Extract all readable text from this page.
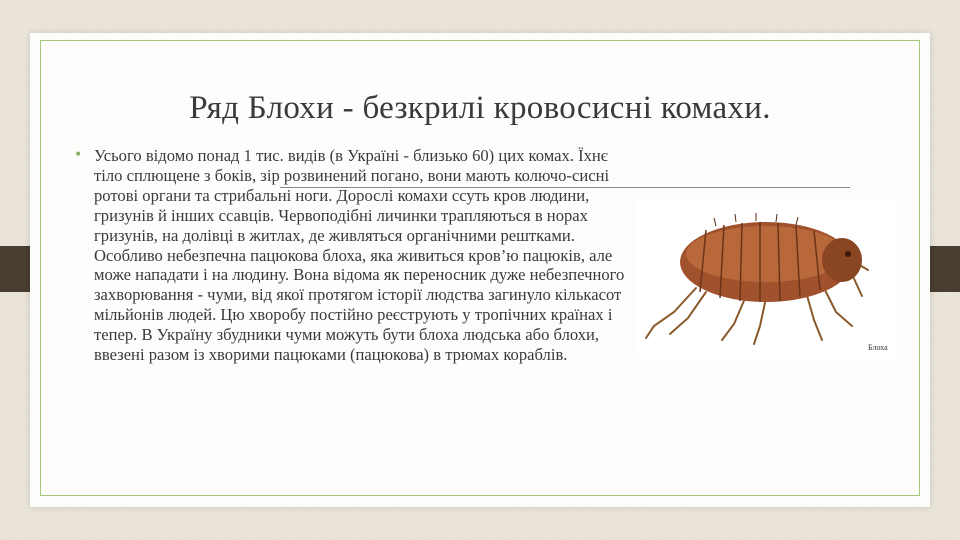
Ряд Блохи - безкрилі кровосисні комахи.
• Усього відомо понад 1 тис. видів (в Україні - близько 60) цих комах. Їхнє тіло сплющене з боків, зір розвинений погано, вони мають колючо-сисні ротові органи та стрибальні ноги. Дорослі комахи ссуть кров людини, гризунів й інших ссавців. Червоподібні личинки трапляються в норах гризунів, на долівці в житлах, де живляться органічними рештками. Особливо небезпечна пацюкова блоха, яка живиться кров’ю пацюків, але може нападати і на людину. Вона відома як переносник дуже небезпечного захворювання - чуми, від якої протягом історії людства загинуло кількасот мільйонів людей. Цю хворобу постійно реєструють у тропічних країнах і тепер. В Україну збудники чуми можуть бути блоха людська або блохи, ввезені разом із хворими пацюками (пацюкова) в трюмах кораблів.	Блоха
